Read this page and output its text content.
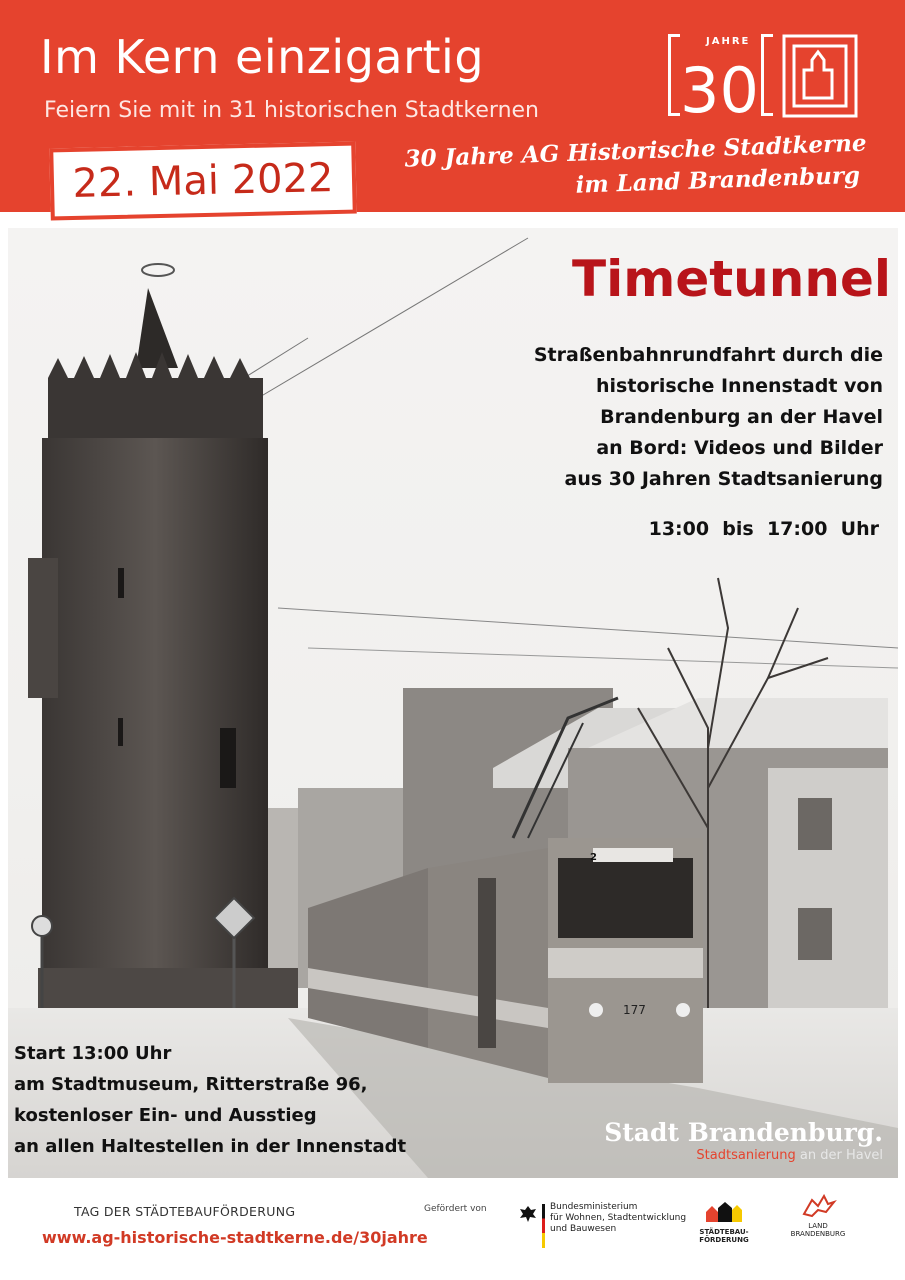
Im Kern einzigartig
Feiern Sie mit in 31 historischen Stadtkernen
22. Mai 2022
JAHRE
30
30 Jahre AG Historische Stadtkerne
im Land Brandenburg
2
177
Timetunnel
Straßenbahnrundfahrt durch die
historische Innenstadt von
Brandenburg an der Havel
an Bord: Videos und Bilder
aus 30 Jahren Stadtsanierung
13:00  bis  17:00  Uhr
Start 13:00 Uhr
am Stadtmuseum, Ritterstraße 96,
kostenloser Ein- und Ausstieg
an allen Haltestellen in der Innenstadt	Stadt Brandenburg.
Stadtsanierung an der Havel
TAG DER STÄDTEBAUFÖRDERUNG
www.ag-historische-stadtkerne.de/30jahre
Gefördert von	Bundesministerium
für Wohnen, Stadtentwicklung
und Bauwesen	STÄDTEBAU-
FÖRDERUNG
LAND
BRANDENBURG
